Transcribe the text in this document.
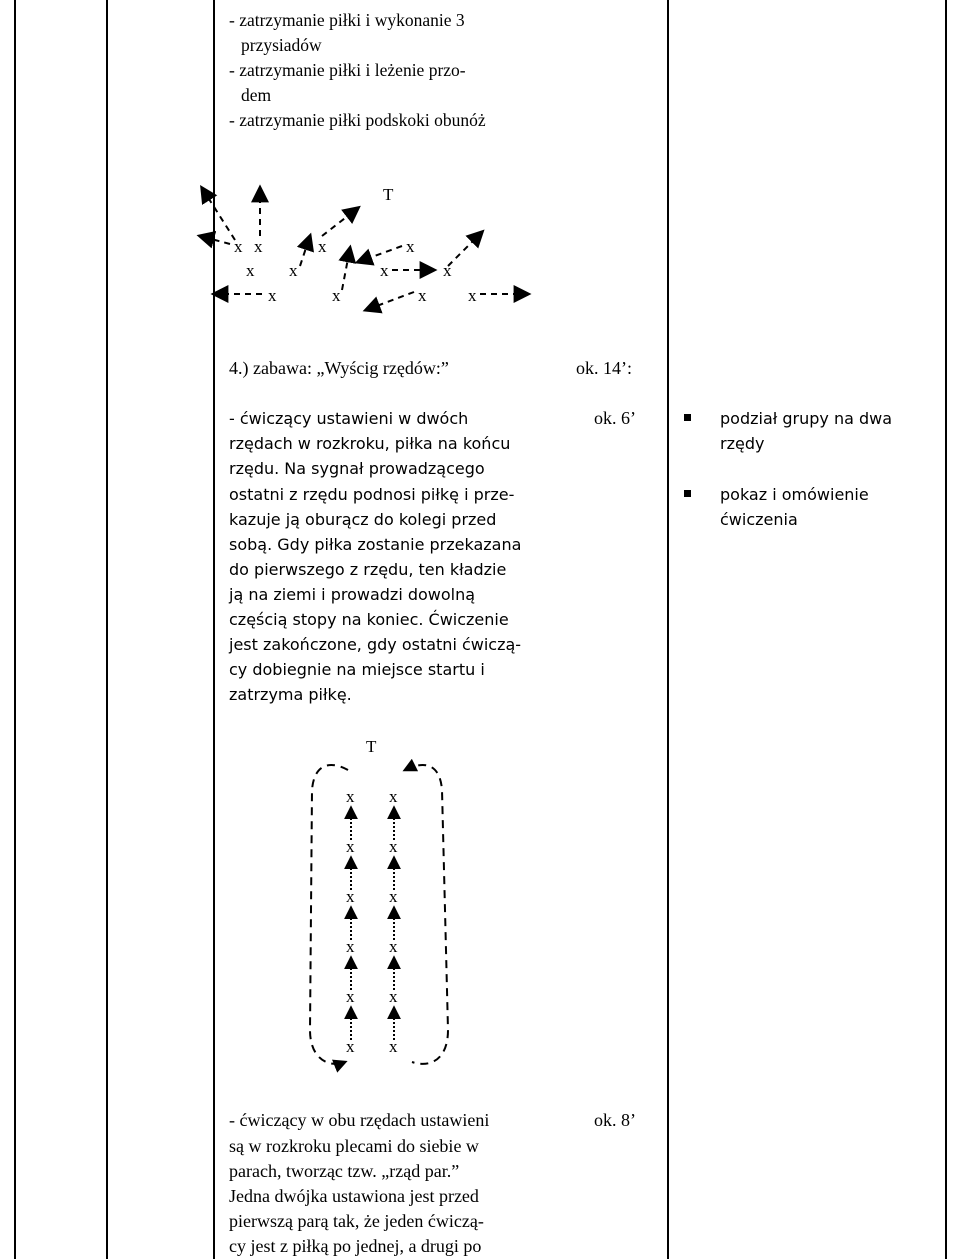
- zatrzymanie piłki i wykonanie 3
przysiadów
- zatrzymanie piłki i leżenie przo-
dem
- zatrzymanie piłki podskoki obunóż
T
x x	x	x
x x	x	x
x	x	x x
4.) zabawa: „Wyścig rzędów:”	ok. 14’:
- ćwiczący ustawieni w dwóch
rzędach w rozkroku, piłka na końcu
rzędu. Na sygnał prowadzącego
ostatni z rzędu podnosi piłkę i prze-
kazuje ją oburącz do kolegi przed
sobą. Gdy piłka zostanie przekazana
do pierwszego z rzędu, ten kładzie
ją na ziemi i prowadzi dowolną
częścią stopy na koniec. Ćwiczenie
jest zakończone, gdy ostatni ćwiczą-
cy dobiegnie na miejsce startu i
zatrzyma piłkę.
ok. 6’	podział grupy na dwa
rzędy
pokaz i omówienie
ćwiczenia
T
x
x
x
x
x
x
x
x
x
x
x
x
- ćwiczący w obu rzędach ustawieni
są w rozkroku plecami do siebie w
parach, tworząc tzw. „rząd par.”
Jedna dwójka ustawiona jest przed
pierwszą parą tak, że jeden ćwiczą-
cy jest z piłką po jednej, a drugi po
ok. 8’
